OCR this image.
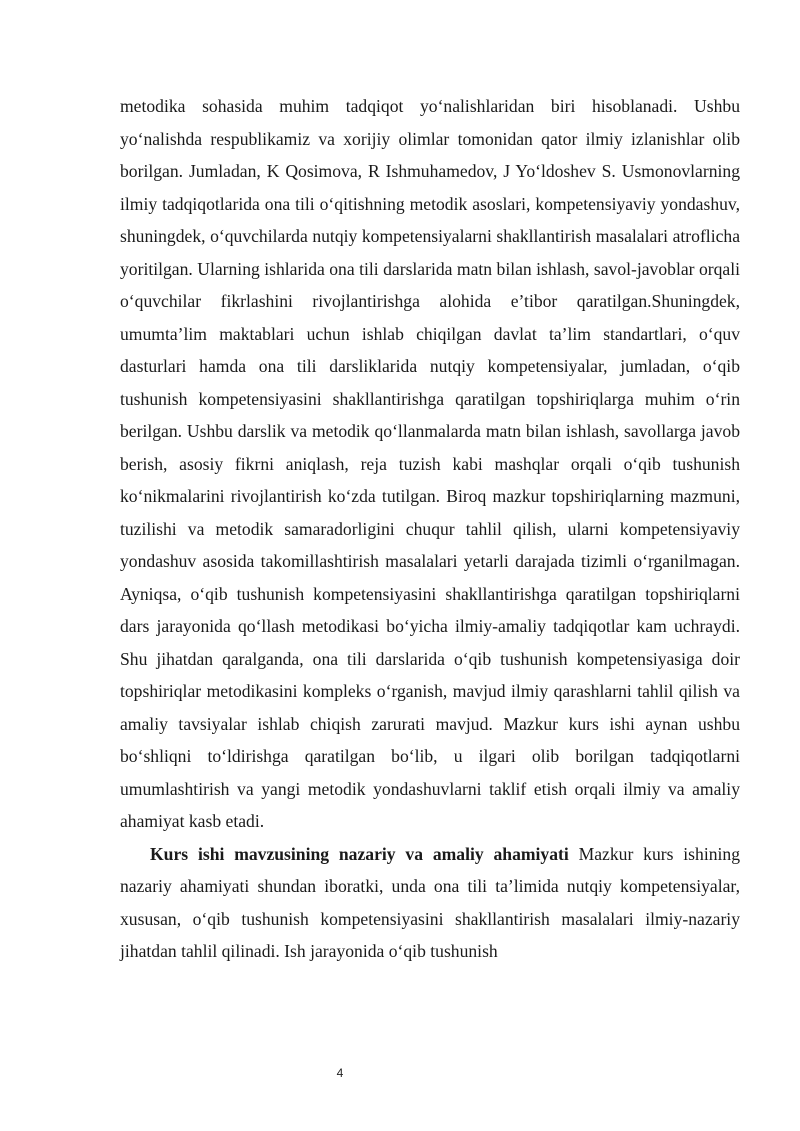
metodika sohasida muhim tadqiqot yo‘nalishlaridan biri hisoblanadi. Ushbu yo‘nalishda respublikamiz va xorijiy olimlar tomonidan qator ilmiy izlanishlar olib borilgan. Jumladan, K Qosimova, R Ishmuhamedov, J Yo‘ldoshev S. Usmonovlarning ilmiy tadqiqotlarida ona tili o‘qitishning metodik asoslari, kompetensiyaviy yondashuv, shuningdek, o‘quvchilarda nutqiy kompetensiyalarni shakllantirish masalalari atroflicha yoritilgan. Ularning ishlarida ona tili darslarida matn bilan ishlash, savol-javoblar orqali o‘quvchilar fikrlashini rivojlantirishga alohida e’tibor qaratilgan.Shuningdek, umumta’lim maktablari uchun ishlab chiqilgan davlat ta’lim standartlari, o‘quv dasturlari hamda ona tili darsliklarida nutqiy kompetensiyalar, jumladan, o‘qib tushunish kompetensiyasini shakllantirishga qaratilgan topshiriqlarga muhim o‘rin berilgan. Ushbu darslik va metodik qo‘llanmalarda matn bilan ishlash, savollarga javob berish, asosiy fikrni aniqlash, reja tuzish kabi mashqlar orqali o‘qib tushunish ko‘nikmalarini rivojlantirish ko‘zda tutilgan. Biroq mazkur topshiriqlarning mazmuni, tuzilishi va metodik samaradorligini chuqur tahlil qilish, ularni kompetensiyaviy yondashuv asosida takomillashtirish masalalari yetarli darajada tizimli o‘rganilmagan. Ayniqsa, o‘qib tushunish kompetensiyasini shakllantirishga qaratilgan topshiriqlarni dars jarayonida qo‘llash metodikasi bo‘yicha ilmiy-amaliy tadqiqotlar kam uchraydi. Shu jihatdan qaralganda, ona tili darslarida o‘qib tushunish kompetensiyasiga doir topshiriqlar metodikasini kompleks o‘rganish, mavjud ilmiy qarashlarni tahlil qilish va amaliy tavsiyalar ishlab chiqish zarurati mavjud. Mazkur kurs ishi aynan ushbu bo‘shliqni to‘ldirishga qaratilgan bo‘lib, u ilgari olib borilgan tadqiqotlarni umumlashtirish va yangi metodik yondashuvlarni taklif etish orqali ilmiy va amaliy ahamiyat kasb etadi.

Kurs ishi mavzusining nazariy va amaliy ahamiyati Mazkur kurs ishining nazariy ahamiyati shundan iboratki, unda ona tili ta’limida nutqiy kompetensiyalar, xususan, o‘qib tushunish kompetensiyasini shakllantirish masalalari ilmiy-nazariy jihatdan tahlil qilinadi. Ish jarayonida o‘qib tushunish

4
